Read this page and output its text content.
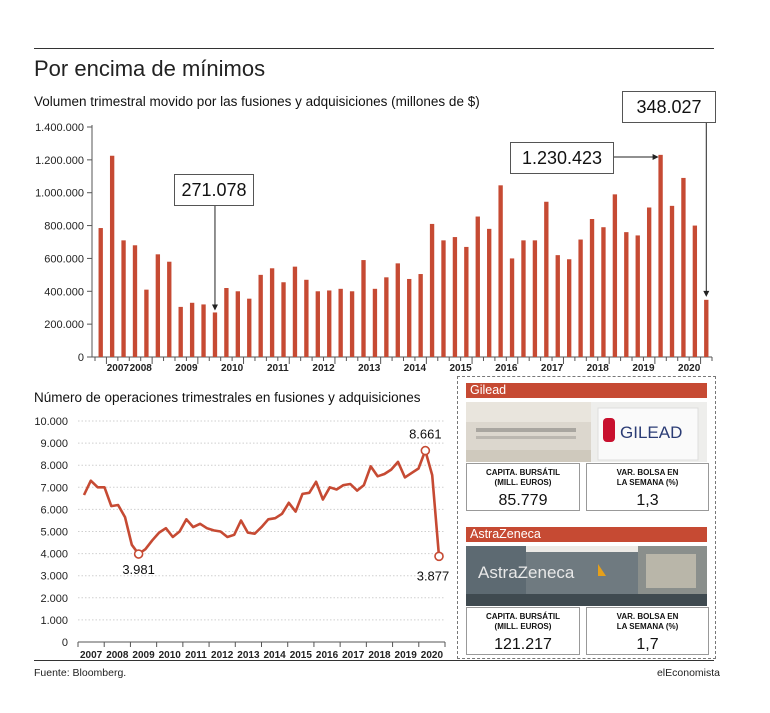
Por encima de mínimos
Volumen trimestral movido por las fusiones y adquisiciones (millones de $)
Número de operaciones trimestrales en fusiones y adquisiciones
0
200.000
400.000
600.000
800.000
1.000.000
1.200.000
1.400.000
2007 2008 2009 2010 2011 2012 2013 2014 2015 2016 2017 2018 2019 2020
0
1.000
2.000
3.000
4.000
5.000
6.000
7.000
8.000
9.000
10.000
2007 2008 2009 2010 2011 2012 2013 2014 2015 2016 2017 2018 2019 2020
3.981
8.661
3.877
271.078
1.230.423
348.027
Gilead
GILEAD
CAPITA. BURSÁTIL
(MILL. EUROS)
85.779
VAR. BOLSA EN
LA SEMANA (%)
1,3
AstraZeneca
AstraZeneca
CAPITA. BURSÁTIL
(MILL. EUROS)
121.217
VAR. BOLSA EN
LA SEMANA (%)
1,7
Fuente: Bloomberg.	elEconomista
